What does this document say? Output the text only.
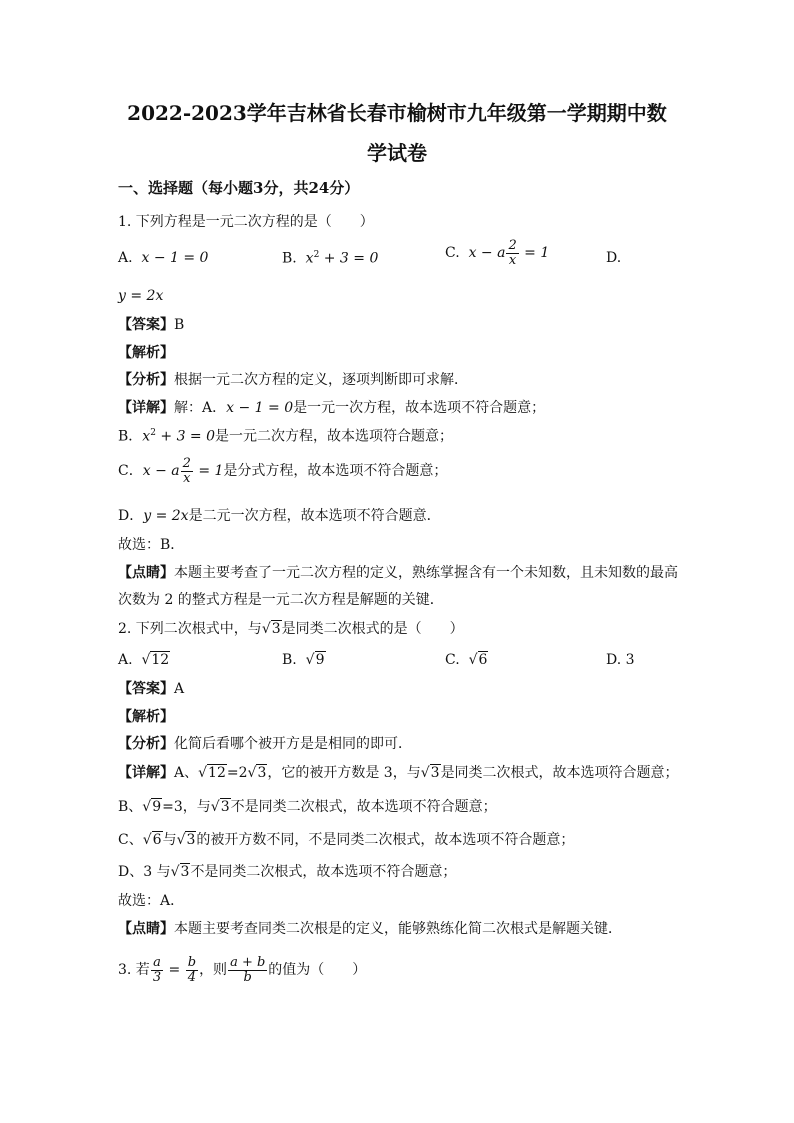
2022-2023学年吉林省长春市榆树市九年级第一学期期中数
学试卷
一、选择题（每小题3分，共24分）
1. 下列方程是一元二次方程的是（　　）
A. x − 1 = 0	B. $x^2 + 3 = 0$	C. x − a $\frac{2}{x} = 1$	D.
y = 2x
【答案】B
【解析】
【分析】根据一元二次方程的定义，逐项判断即可求解．
【详解】解：A．x − 1 = 0是一元一次方程，故本选项不符合题意；
B．$x^2 + 3 = 0$是一元二次方程，故本选项符合题意；
C．x − a $\frac{2}{x} = 1$是分式方程，故本选项不符合题意；
D．y = 2x是二元一次方程，故本选项不符合题意．
故选：B．
【点睛】本题主要考查了一元二次方程的定义，熟练掌握含有一个未知数，且未知数的最高
次数为 2 的整式方程是一元二次方程是解题的关键．
2. 下列二次根式中，与√3是同类二次根式的是（　　）
A. √12	B. √9	C. √6	D. 3
【答案】A
【解析】
【分析】化简后看哪个被开方是是相同的即可．
【详解】A、√12=2√3，它的被开方数是 3，与√3是同类二次根式，故本选项符合题意；
B、√9=3，与√3不是同类二次根式，故本选项不符合题意；
C、√6与√3的被开方数不同，不是同类二次根式，故本选项不符合题意；
D、3 与√3不是同类二次根式，故本选项不符合题意；
故选：A．
【点睛】本题主要考查同类二次根是的定义，能够熟练化简二次根式是解题关键．
3. 若 $\frac{a}{3} = \frac{b}{4}$ ，则 $\frac{a + b}{b}$ 的值为（　　）
